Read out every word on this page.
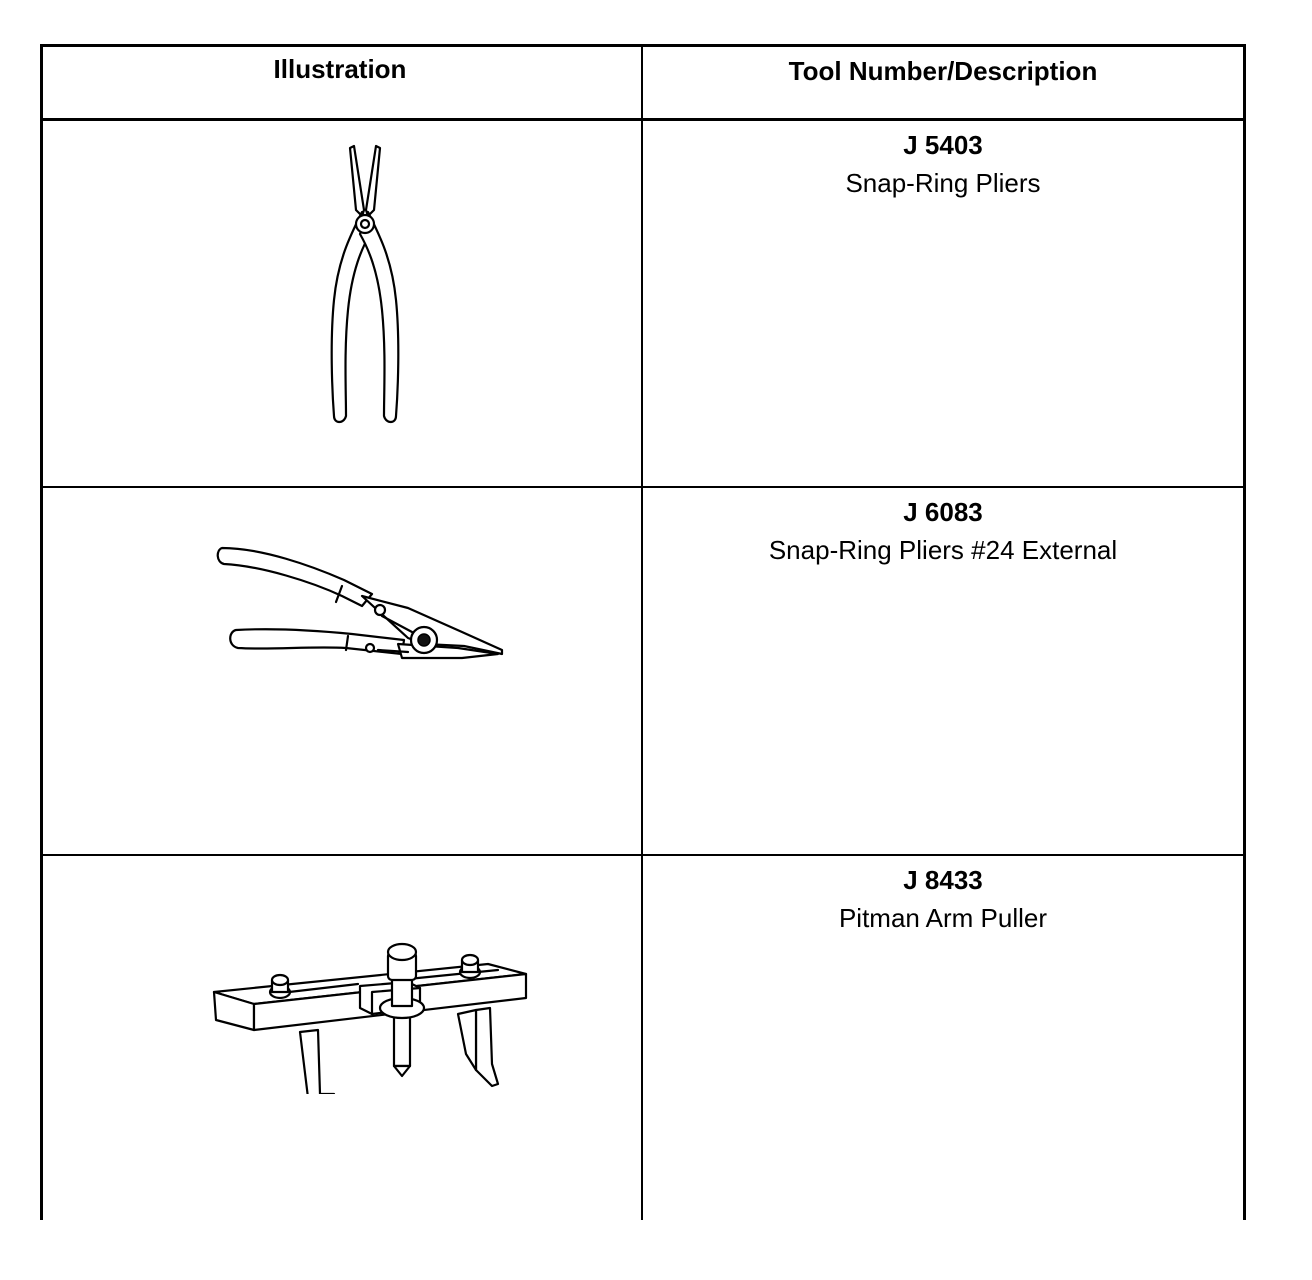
Illustration	Tool Number/Description
J 5403
Snap-Ring Pliers
J 6083
Snap-Ring Pliers #24 External
J 8433
Pitman Arm Puller
